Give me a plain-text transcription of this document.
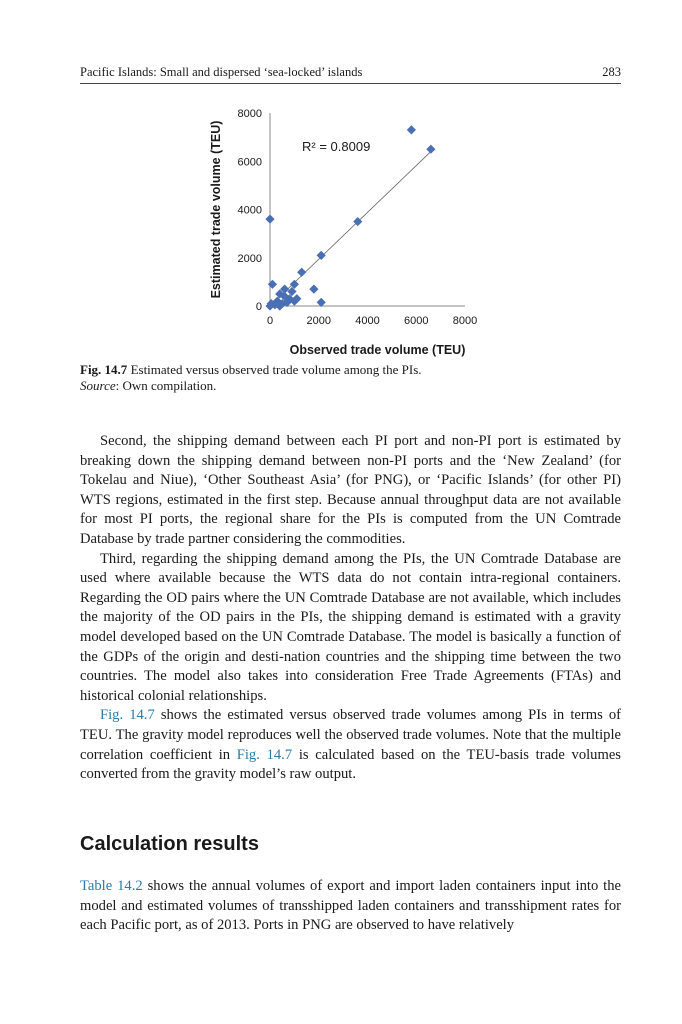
Pacific Islands: Small and dispersed ‘sea-locked’ islands	283
0	2000 4000 6000 8000
0
2000
4000
6000
8000
R² = 0.8009
Estimated trade volume (TEU)
Observed trade volume (TEU)
Fig. 14.7 Estimated versus observed trade volume among the PIs.
Source: Own compilation.

Second, the shipping demand between each PI port and non-PI port is estimated by breaking down the shipping demand between non-PI ports and the ‘New Zealand’ (for Tokelau and Niue), ‘Other Southeast Asia’ (for PNG), or ‘Pacific Islands’ (for other PI) WTS regions, estimated in the first step. Because annual throughput data are not available for most PI ports, the regional share for the PIs is computed from the UN Comtrade Database by trade partner considering the commodities.

Third, regarding the shipping demand among the PIs, the UN Comtrade Database are used where available because the WTS data do not contain intra-regional containers. Regarding the OD pairs where the UN Comtrade Database are not available, which includes the majority of the OD pairs in the PIs, the shipping demand is estimated with a gravity model developed based on the UN Comtrade Database. The model is basically a function of the GDPs of the origin and desti-nation countries and the shipping time between the two countries. The model also takes into consideration Free Trade Agreements (FTAs) and historical colonial relationships.

Fig. 14.7 shows the estimated versus observed trade volumes among PIs in terms of TEU. The gravity model reproduces well the observed trade volumes. Note that the multiple correlation coefficient in Fig. 14.7 is calculated based on the TEU-basis trade volumes converted from the gravity model’s raw output.

Calculation results

Table 14.2 shows the annual volumes of export and import laden containers input into the model and estimated volumes of transshipped laden containers and transshipment rates for each Pacific port, as of 2013. Ports in PNG are observed to have relatively
